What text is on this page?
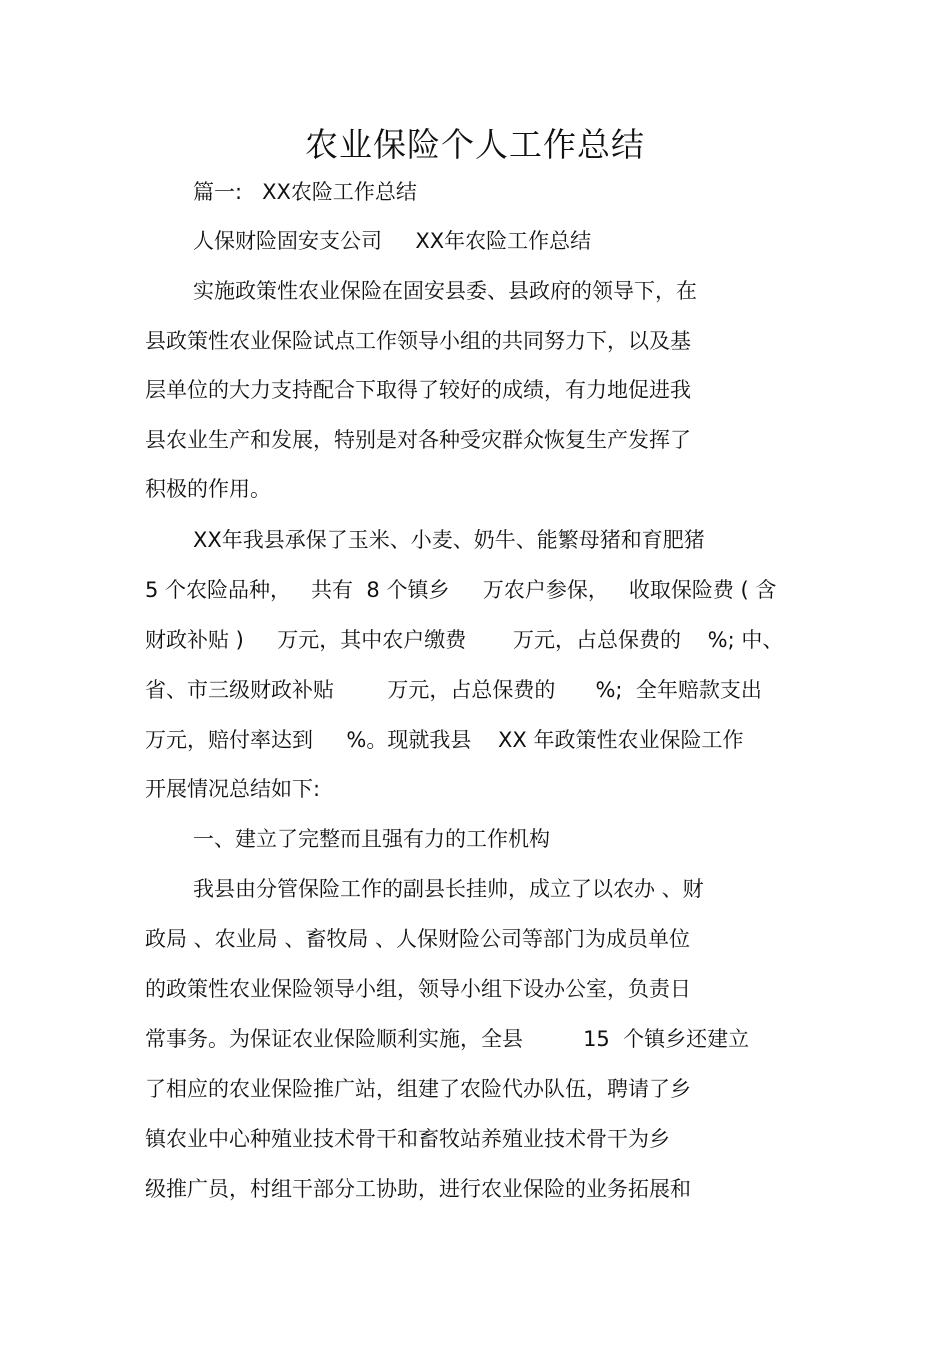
农业保险个人工作总结
篇一:   XX农险工作总结
人保财险固安支公司     XX年农险工作总结
实施政策性农业保险在固安县委、县政府的领导下，在
县政策性农业保险试点工作领导小组的共同努力下，以及基
层单位的大力支持配合下取得了较好的成绩，有力地促进我
县农业生产和发展，特别是对各种受灾群众恢复生产发挥了
积极的作用。
XX年我县承保了玉米、小麦、奶牛、能繁母猪和育肥猪
5 个农险品种，   共有  8 个镇乡     万农户参保，   收取保险费 ( 含
财政补贴 )     万元，其中农户缴费       万元，占总保费的    %; 中、
省、市三级财政补贴        万元，占总保费的      %;  全年赔款支出
万元，赔付率达到     %。现就我县    XX 年政策性农业保险工作
开展情况总结如下:
一、建立了完整而且强有力的工作机构
我县由分管保险工作的副县长挂帅，成立了以农办 、财
政局 、农业局 、畜牧局 、人保财险公司等部门为成员单位
的政策性农业保险领导小组，领导小组下设办公室，负责日
常事务。为保证农业保险顺利实施，全县         15  个镇乡还建立
了相应的农业保险推广站，组建了农险代办队伍，聘请了乡
镇农业中心种殖业技术骨干和畜牧站养殖业技术骨干为乡
级推广员，村组干部分工协助，进行农业保险的业务拓展和
